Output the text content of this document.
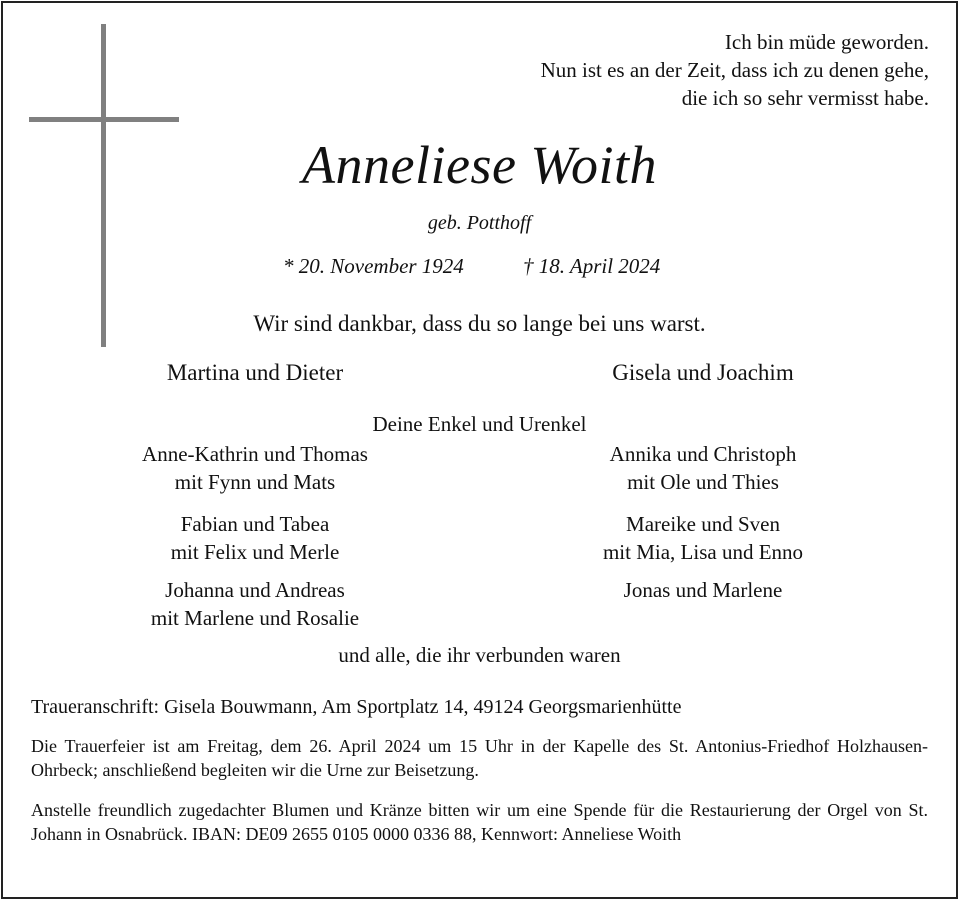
Ich bin müde geworden.
Nun ist es an der Zeit, dass ich zu denen gehe,
die ich so sehr vermisst habe.
Anneliese Woith
geb. Potthoff
* 20. November 1924	† 18. April 2024
Wir sind dankbar, dass du so lange bei uns warst.
Martina und Dieter	Gisela und Joachim
Deine Enkel und Urenkel
Anne-Kathrin und Thomas
mit Fynn und Mats
Annika und Christoph
mit Ole und Thies
Fabian und Tabea
mit Felix und Merle
Mareike und Sven
mit Mia, Lisa und Enno
Johanna und Andreas
mit Marlene und Rosalie
Jonas und Marlene
und alle, die ihr verbunden waren
Traueranschrift: Gisela Bouwmann, Am Sportplatz 14, 49124 Georgsmarienhütte
Die Trauerfeier ist am Freitag, dem 26. April 2024 um 15 Uhr in der Kapelle des St. Antonius-Friedhof Holzhausen-Ohrbeck; anschließend begleiten wir die Urne zur Beisetzung.
Anstelle freundlich zugedachter Blumen und Kränze bitten wir um eine Spende für die Restaurierung der Orgel von St. Johann in Osnabrück. IBAN: DE09 2655 0105 0000 0336 88, Kennwort: Anneliese Woith
